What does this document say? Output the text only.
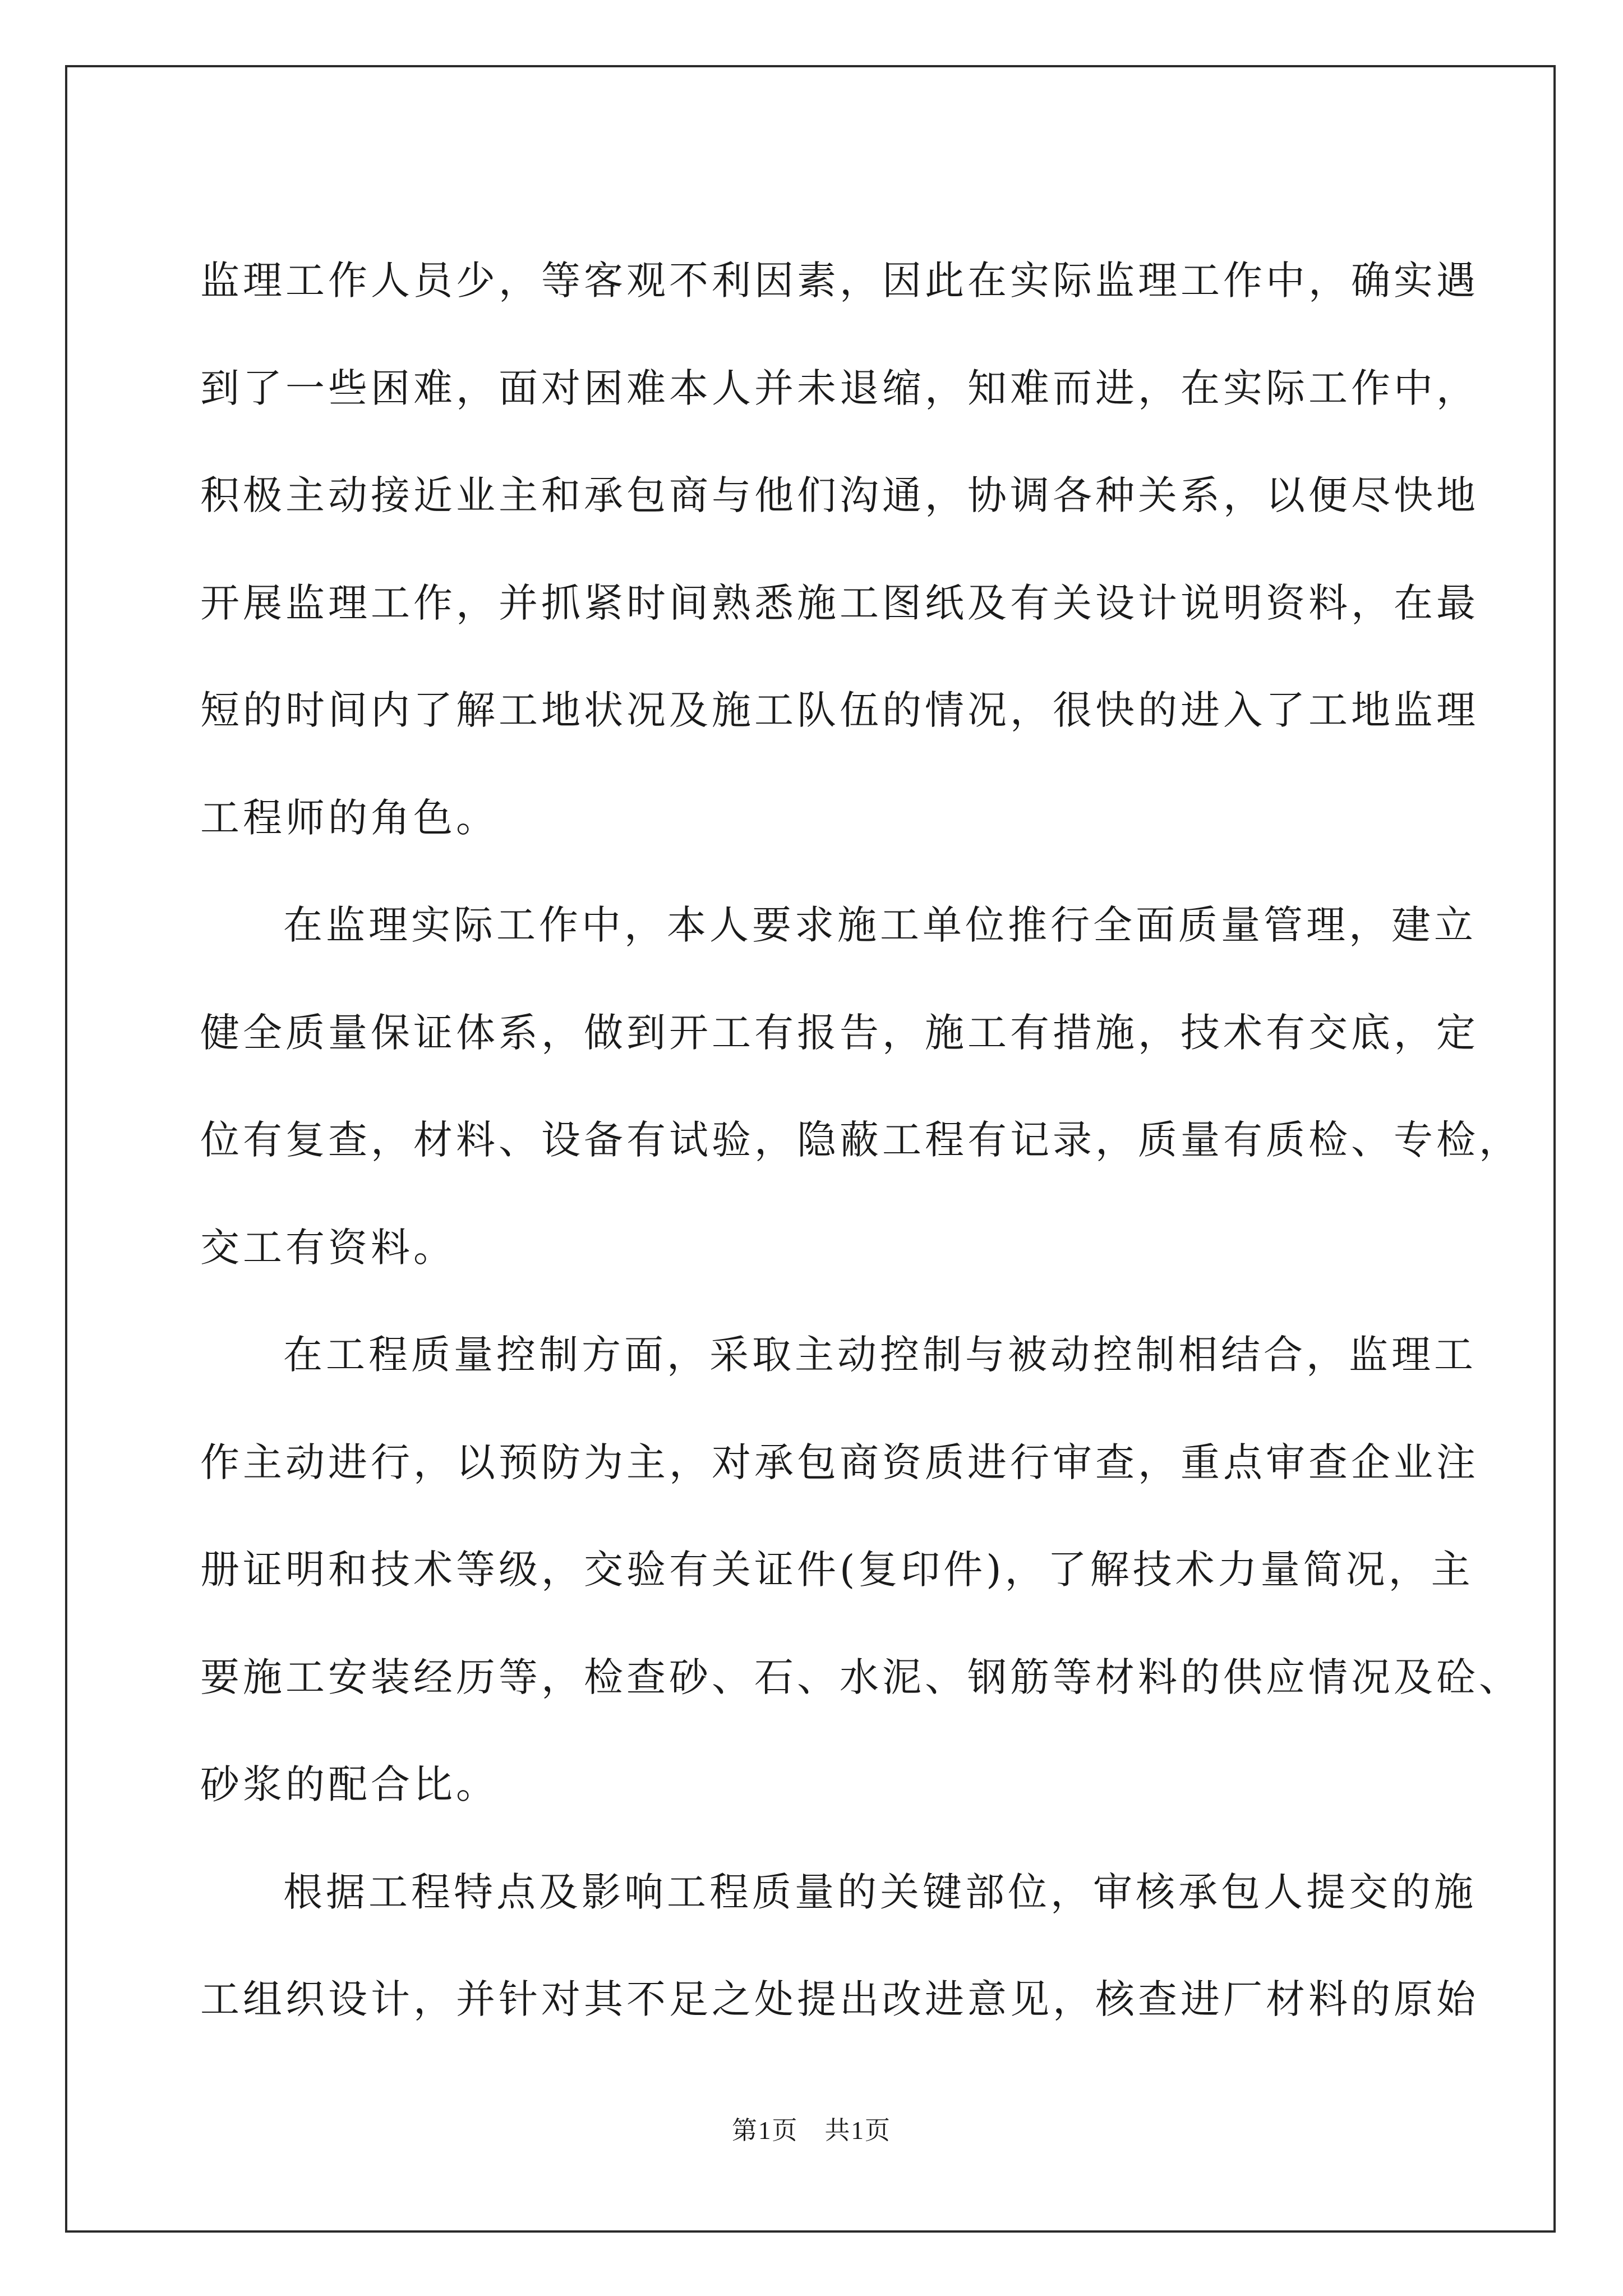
监理工作人员少，等客观不利因素，因此在实际监理工作中，确实遇
到了一些困难，面对困难本人并未退缩，知难而进，在实际工作中，
积极主动接近业主和承包商与他们沟通，协调各种关系，以便尽快地
开展监理工作，并抓紧时间熟悉施工图纸及有关设计说明资料，在最
短的时间内了解工地状况及施工队伍的情况，很快的进入了工地监理
工程师的角色。
在监理实际工作中，本人要求施工单位推行全面质量管理，建立
健全质量保证体系，做到开工有报告，施工有措施，技术有交底，定
位有复查，材料、设备有试验，隐蔽工程有记录，质量有质检、专检，
交工有资料。
在工程质量控制方面，采取主动控制与被动控制相结合，监理工
作主动进行，以预防为主，对承包商资质进行审查，重点审查企业注
册证明和技术等级，交验有关证件(复印件)，了解技术力量简况，主
要施工安装经历等，检查砂、石、水泥、钢筋等材料的供应情况及砼、
砂浆的配合比。
根据工程特点及影响工程质量的关键部位，审核承包人提交的施
工组织设计，并针对其不足之处提出改进意见，核查进厂材料的原始
第1页　共1页
